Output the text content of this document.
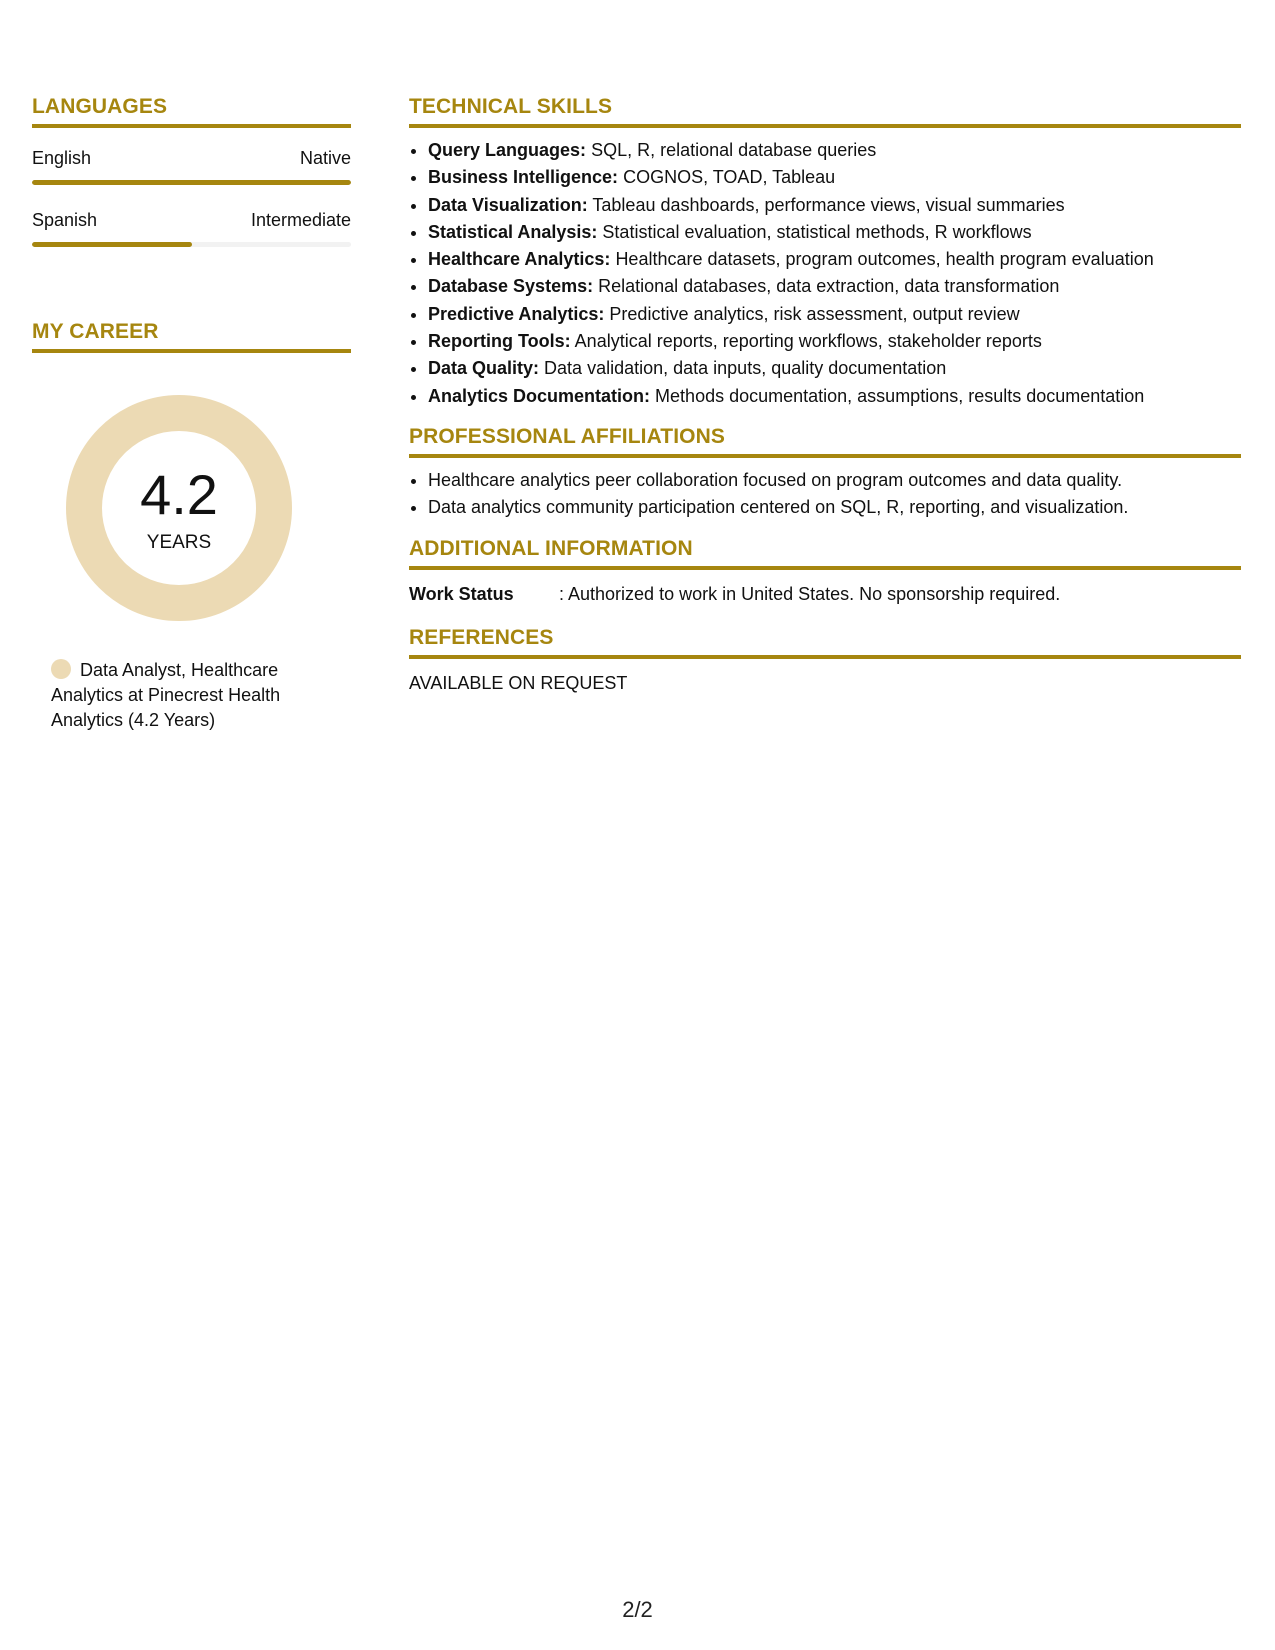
LANGUAGES
English	Native
Spanish	Intermediate
MY CAREER
4.2
YEARS
Data Analyst, Healthcare Analytics at Pinecrest Health Analytics (4.2 Years)
TECHNICAL SKILLS
• Query Languages: SQL, R, relational database queries
• Business Intelligence: COGNOS, TOAD, Tableau
• Data Visualization: Tableau dashboards, performance views, visual summaries
• Statistical Analysis: Statistical evaluation, statistical methods, R workflows
• Healthcare Analytics: Healthcare datasets, program outcomes, health program evaluation
• Database Systems: Relational databases, data extraction, data transformation
• Predictive Analytics: Predictive analytics, risk assessment, output review
• Reporting Tools: Analytical reports, reporting workflows, stakeholder reports
• Data Quality: Data validation, data inputs, quality documentation
• Analytics Documentation: Methods documentation, assumptions, results documentation
PROFESSIONAL AFFILIATIONS
• Healthcare analytics peer collaboration focused on program outcomes and data quality.
• Data analytics community participation centered on SQL, R, reporting, and visualization.
ADDITIONAL INFORMATION
Work Status	: Authorized to work in United States. No sponsorship required.
REFERENCES
AVAILABLE ON REQUEST
2/2
